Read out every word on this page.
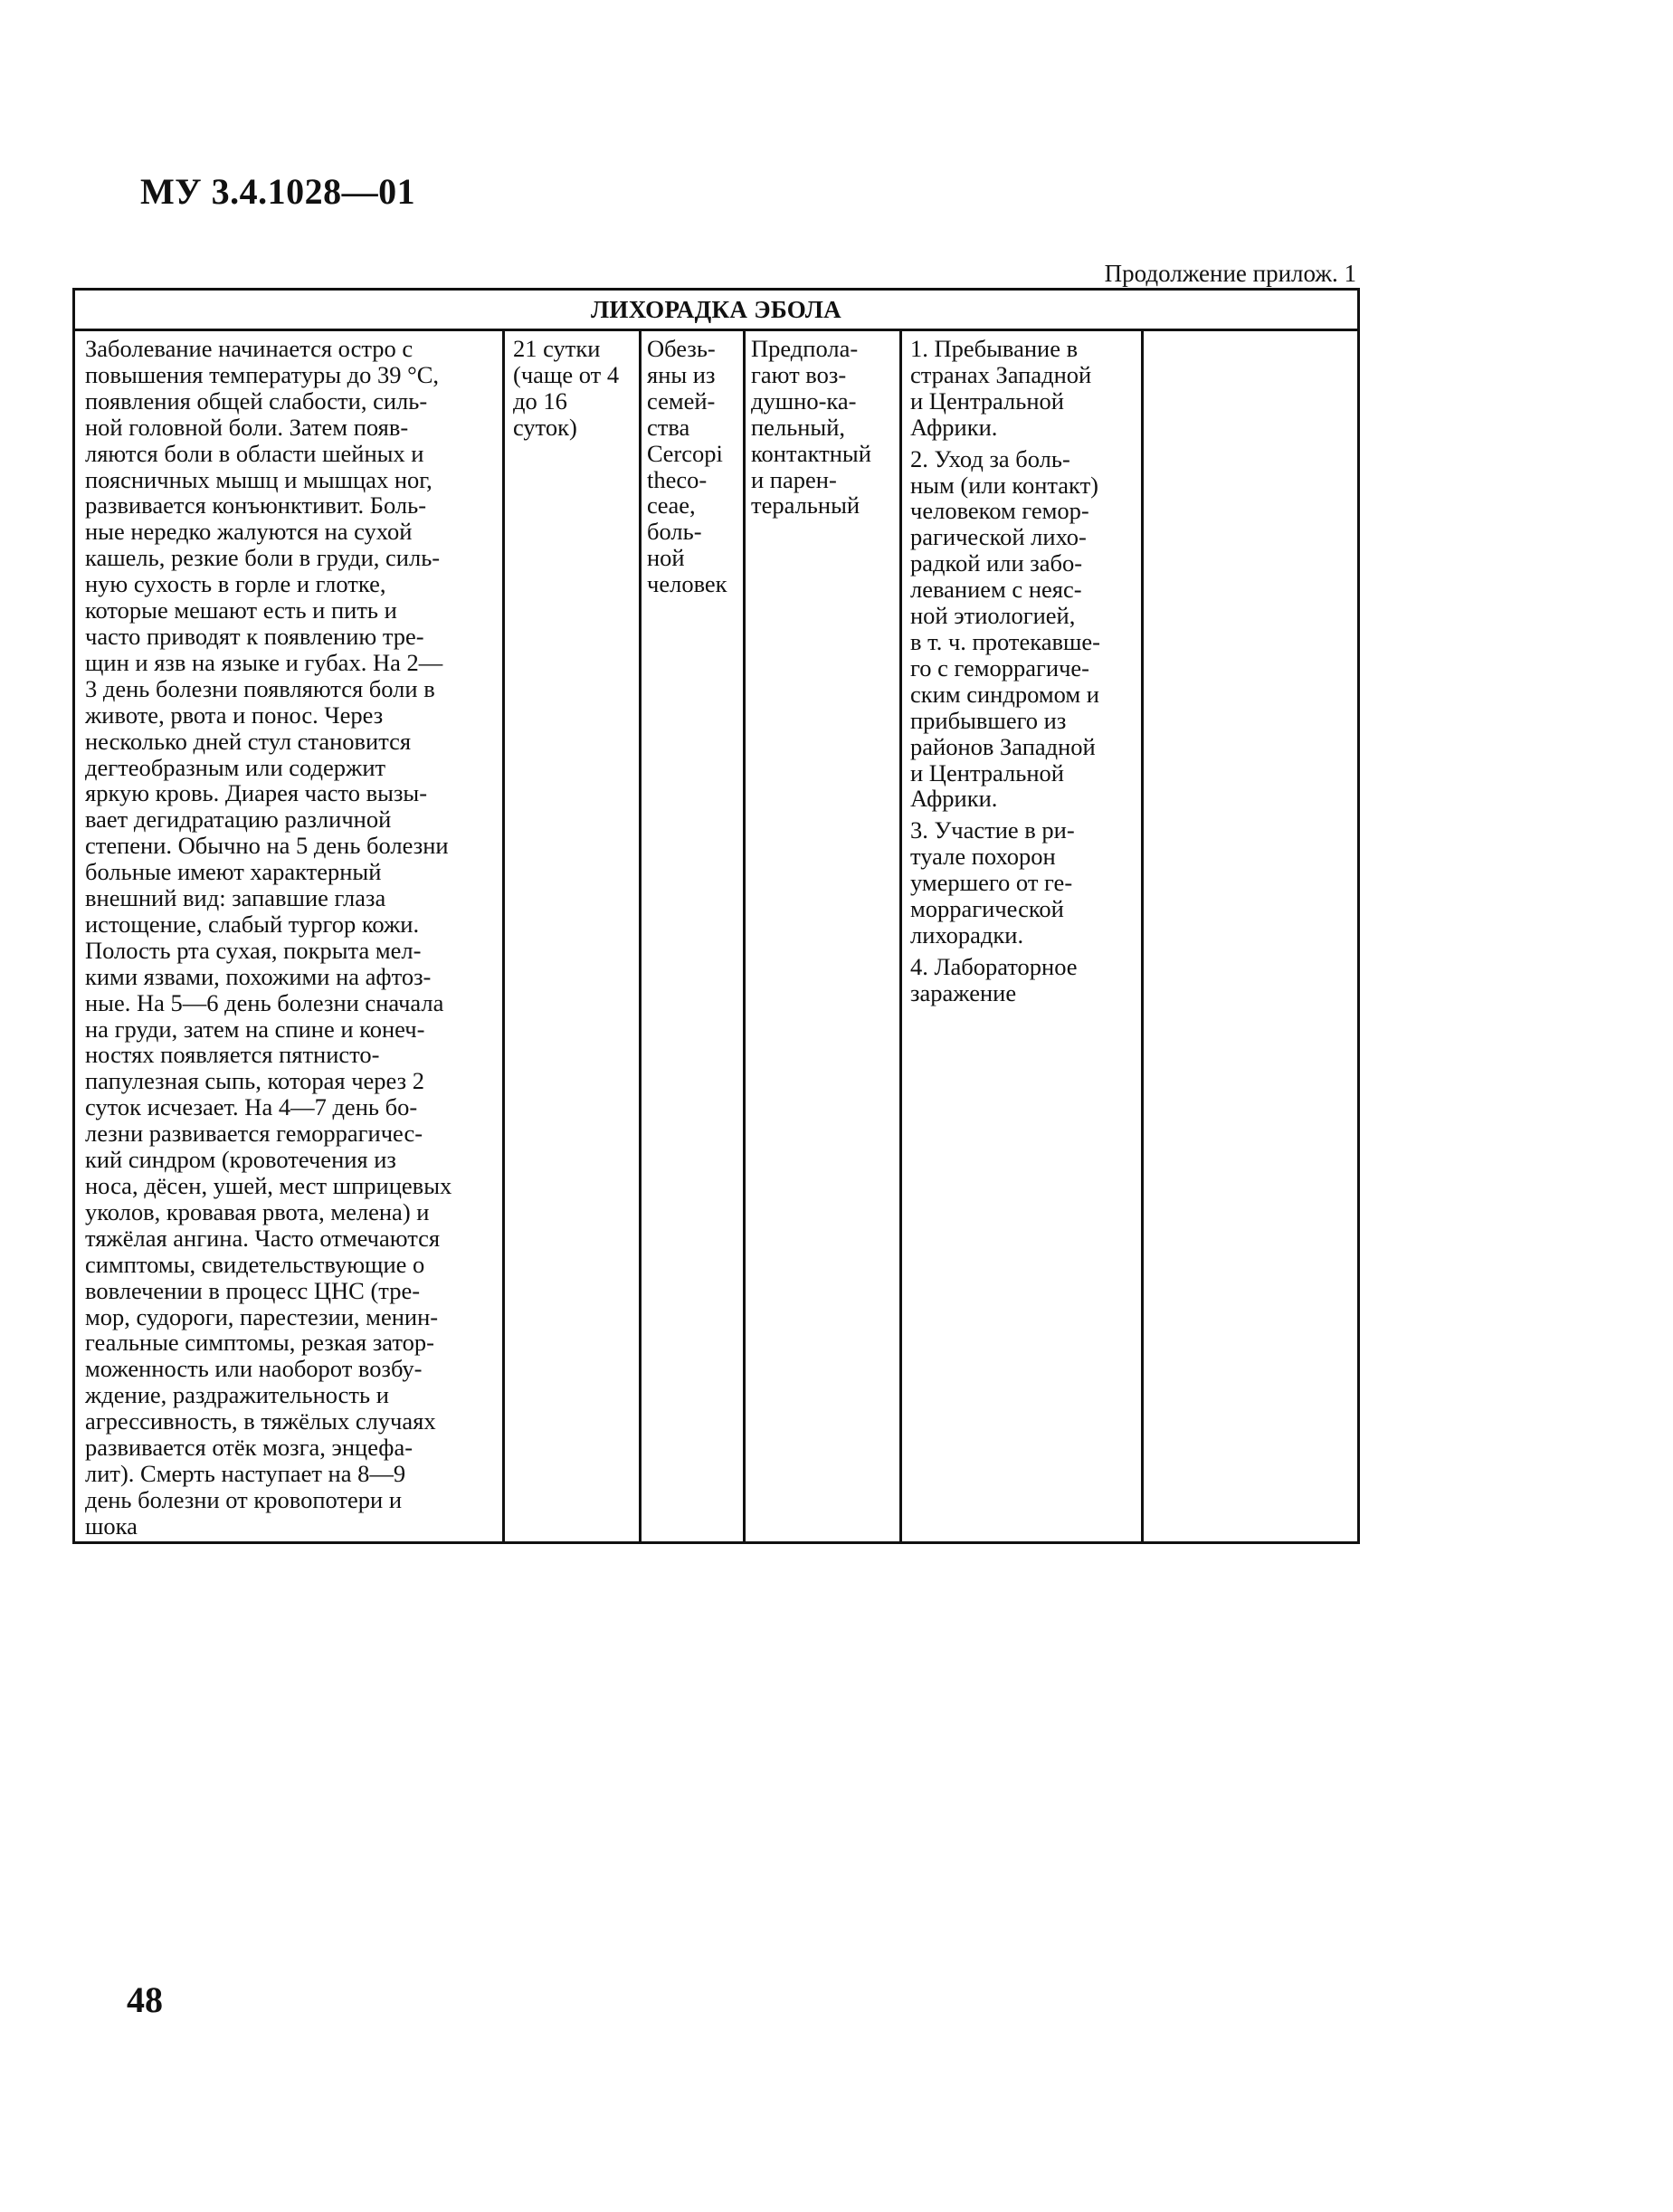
МУ 3.4.1028—01
Продолжение прилож. 1
ЛИХОРАДКА ЭБОЛА
Заболевание начинается остро с
повышения температуры до 39 °С,
появления общей слабости, силь-
ной головной боли. Затем появ-
ляются боли в области шейных и
поясничных мышц и мышцах ног,
развивается конъюнктивит. Боль-
ные нередко жалуются на сухой
кашель, резкие боли в груди, силь-
ную сухость в горле и глотке,
которые мешают есть и пить и
часто приводят к появлению тре-
щин и язв на языке и губах. На 2—
3 день болезни появляются боли в
животе, рвота и понос. Через
несколько дней стул становится
дегтеобразным или содержит
яркую кровь. Диарея часто вызы-
вает дегидратацию различной
степени. Обычно на 5 день болезни
больные имеют характерный
внешний вид: запавшие глаза
истощение, слабый тургор кожи.
Полость рта сухая, покрыта мел-
кими язвами, похожими на афтоз-
ные. На 5—6 день болезни сначала
на груди, затем на спине и конеч-
ностях появляется пятнисто-
папулезная сыпь, которая через 2
суток исчезает. На 4—7 день бо-
лезни развивается геморрагичес-
кий синдром (кровотечения из
носа, дёсен, ушей, мест шприцевых
уколов, кровавая рвота, мелена) и
тяжёлая ангина. Часто отмечаются
симптомы, свидетельствующие о
вовлечении в процесс ЦНС (тре-
мор, судороги, парестезии, менин-
геальные симптомы, резкая затор-
моженность или наоборот возбу-
ждение, раздражительность и
агрессивность, в тяжёлых случаях
развивается отёк мозга, энцефа-
лит). Смерть наступает на 8—9
день болезни от кровопотери и
шока
21 сутки
(чаще от 4
до 16
суток)
Обезь-
яны из
семей-
ства
Cercopi
theco-
ceae,
боль-
ной
человек
Предпола-
гают воз-
душно-ка-
пельный,
контактный
и парен-
теральный
1. Пребывание в
странах Западной
и Центральной
Африки.
2. Уход за боль-
ным (или контакт)
человеком гемор-
рагической лихо-
радкой или забо-
леванием с неяс-
ной этиологией,
в т. ч. протекавше-
го с геморрагиче-
ским синдромом и
прибывшего из
районов Западной
и Центральной
Африки.
3. Участие в ри-
туале похорон
умершего от ге-
моррагической
лихорадки.
4. Лабораторное
заражение
48
